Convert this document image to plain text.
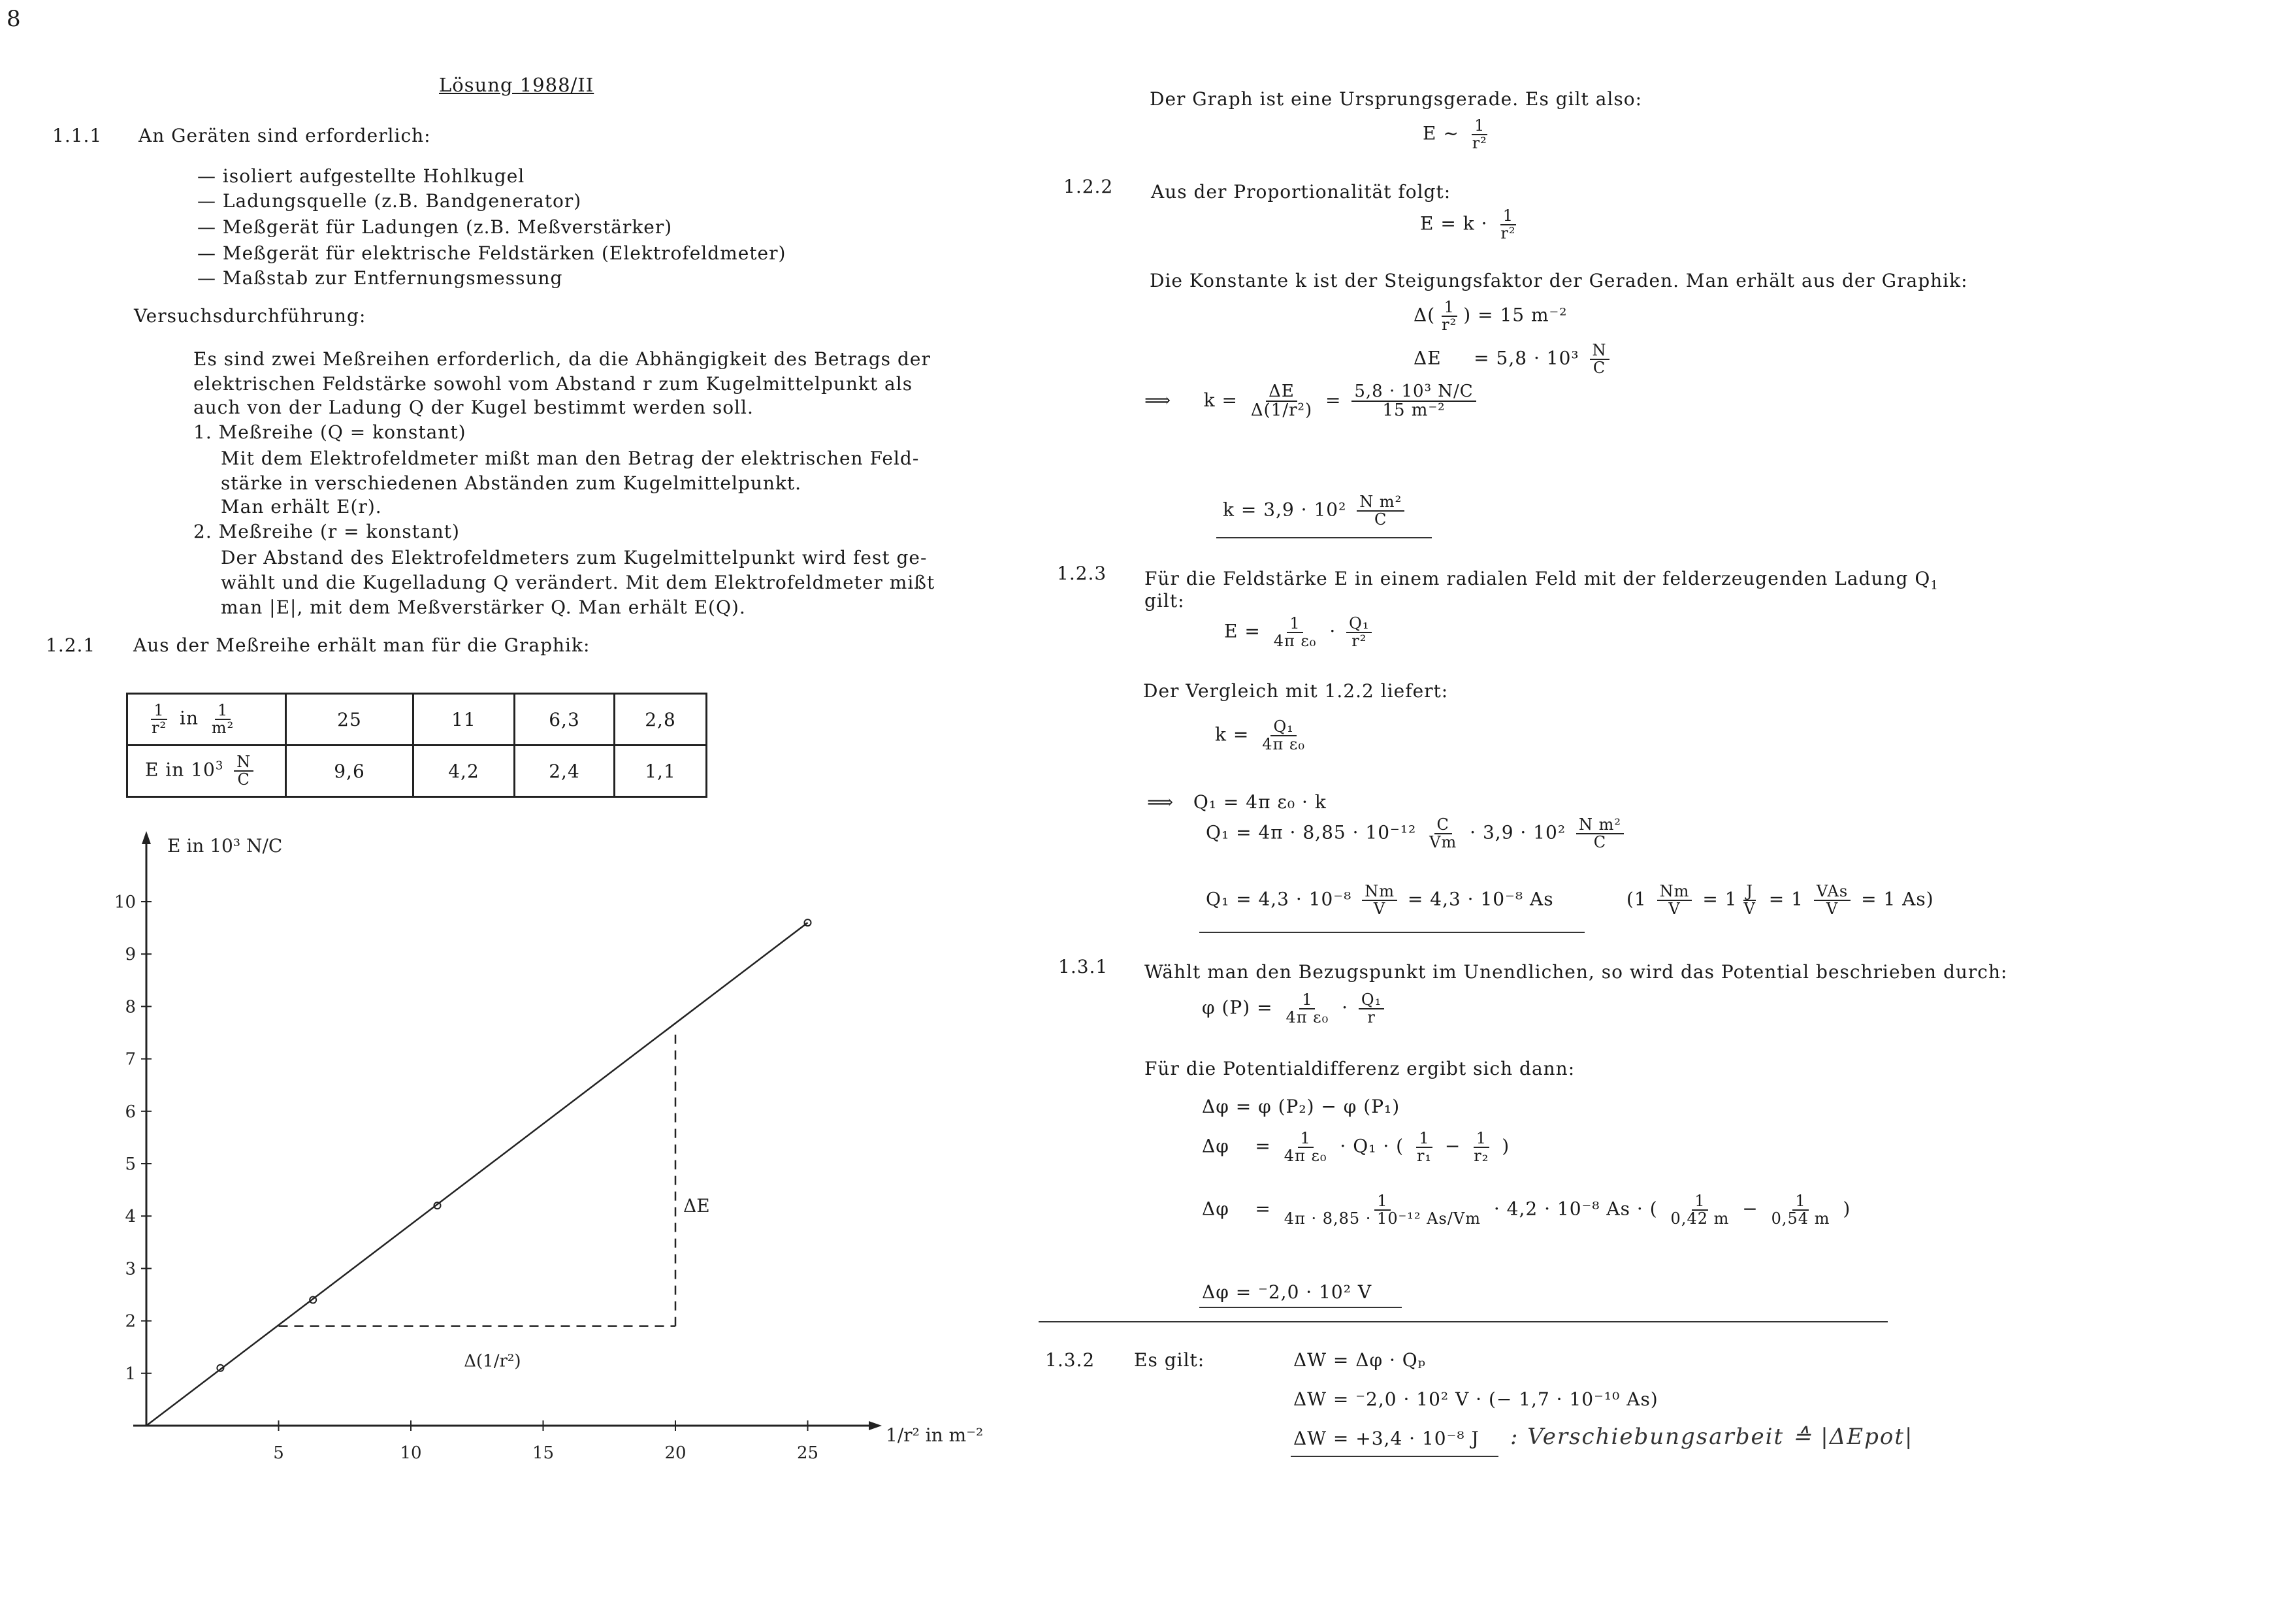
8
Lösung 1988/II
1.1.1 An Geräten sind erforderlich:
— isoliert aufgestellte Hohlkugel
— Ladungsquelle (z.B. Bandgenerator)
— Meßgerät für Ladungen (z.B. Meßverstärker)
— Meßgerät für elektrische Feldstärken (Elektrofeldmeter)
— Maßstab zur Entfernungsmessung
Versuchsdurchführung:
Es sind zwei Meßreihen erforderlich, da die Abhängigkeit des Betrags der
elektrischen Feldstärke sowohl vom Abstand r zum Kugelmittelpunkt als
auch von der Ladung Q der Kugel bestimmt werden soll.
1. Meßreihe (Q = konstant)
Mit dem Elektrofeldmeter mißt man den Betrag der elektrischen Feld-
stärke in verschiedenen Abständen zum Kugelmittelpunkt.
Man erhält E(r).
2. Meßreihe (r = konstant)
Der Abstand des Elektrofeldmeters zum Kugelmittelpunkt wird fest ge-
wählt und die Kugelladung Q verändert. Mit dem Elektrofeldmeter mißt
man |E|, mit dem Meßverstärker Q. Man erhält E(Q).
1.2.1 Aus der Meßreihe erhält man für die Graphik:
$\frac{1}{\text{r²}}$ in $\frac{1}{\text{m²}}$	25	11	6,3	2,8
E in $10^3 \frac{N}{C}$	9,6	4,2	2,4	1,1
1
2
3
4
5
6
7
8
9
10
5	10	15	20	25
ΔE
Δ(1/r²)
E in 10³ N/C
1/r² in m⁻²
Der Graph ist eine Ursprungsgerade. Es gilt also:
E ~ $\frac{1}{\text{r²}}$
1.2.2 Aus der Proportionalität folgt:
$E = k \cdot \frac{1}{\text{r²}}$
Die Konstante k ist der Steigungsfaktor der Geraden. Man erhält aus der Graphik:
$\Delta( \frac{1}{\text{r²}}$ ) = 15 m⁻²
ΔE     = $5,8 \cdot 10^3 \frac{N}{C}$
⟹     $k = \frac{\Delta E}{\text{Δ(1/r²)}} = \frac{\text{5,8 · 10³ N/C}}{\text{15 m⁻²}}$
$k = 3,9 \cdot 10^2 \frac{\text{N m²}}{C}$
1.2.3 Für die Feldstärke E in einem radialen Feld mit der felderzeugenden Ladung $Q_1$
gilt:
$E = \frac{1}{\text{4π ε₀}} \cdot \frac{\text{Q₁}}{\text{r²}}$
Der Vergleich mit 1.2.2 liefert:
$k = \frac{\text{Q₁}}{\text{4π ε₀}}$
⟹   Q₁ = 4π ε₀ · k
$Q_1 = 4\pi \cdot 8,85 \cdot 10^{-12} \frac{C}{Vm} \cdot 3,9 \cdot 10^2 \frac{\text{N m²}}{C}$
$Q_1 = 4,3 \cdot 10^{-8} \frac{Nm}{V} = 4,3 \cdot 10^{-8}$ As	($1 \frac{Nm}{V} = 1 \frac{J}{V} = 1 \frac{\text{VAs}}{V} = 1$ As)
1.3.1 Wählt man den Bezugspunkt im Unendlichen, so wird das Potential beschrieben durch:
φ $(P) = \frac{1}{\text{4π ε₀}} \cdot \frac{\text{Q₁}}{r}$
Für die Potentialdifferenz ergibt sich dann:
Δφ = φ (P₂) − φ (P₁)
Δφ    = $\frac{1}{\text{4π ε₀}} \cdot Q_1$ · ( $\frac{1}{\text{r₁}} - \frac{1}{\text{r₂}}$ )
Δφ    = $\frac{1}{\text{4π · 8,85 · 10⁻¹² As/Vm}} \cdot 4,2 \cdot 10^{-8}$ As · ( $\frac{1}{0,42 m} - \frac{1}{0,54 m}$ )
Δφ = ⁻2,0 · 10² V
1.3.2 Es gilt:	ΔW = Δφ · Qₚ
ΔW = ⁻2,0 · 10² V · (− 1,7 · 10⁻¹⁰ As)
ΔW = +3,4 · 10⁻⁸ J : Verschiebungsarbeit ≙ |ΔEpot|
